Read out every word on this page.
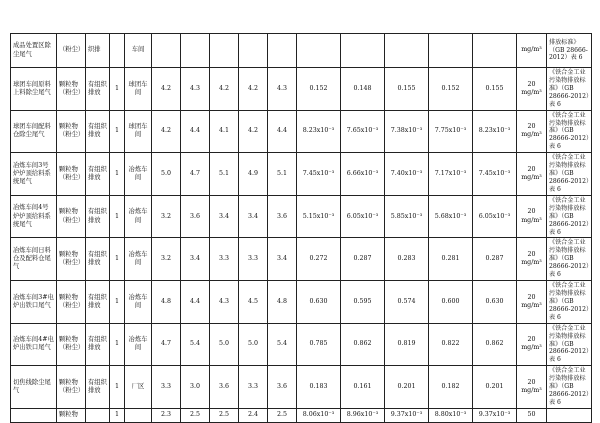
成品处置区除尘尾气	（粉尘）	织排		车间											mg/m³	排放标准》（GB 28666-2012）表 6
球团车间原料上料除尘尾气	颗粒物（粉尘）	有组织排放	1	球团车间	4.2	4.3	4.2	4.2	4.3	0.152	0.148	0.155	0.152	0.155	20 mg/m³	《铁合金工业污染物排放标准》（GB 28666-2012）表 6
球团车间配料仓除尘尾气	颗粒物（粉尘）	有组织排放	1	球团车间	4.2	4.4	4.1	4.2	4.4	8.23x10⁻³	7.65x10⁻³	7.38x10⁻³	7.75x10⁻³	8.23x10⁻³	20 mg/m³	《铁合金工业污染物排放标准》（GB 28666-2012）表 6
冶炼车间3号炉炉顶给料系统尾气	颗粒物（粉尘）	有组织排放	1	冶炼车间	5.0	4.7	5.1	4.9	5.1	7.45x10⁻³	6.66x10⁻³	7.40x10⁻³	7.17x10⁻³	7.45x10⁻³	20 mg/m³	《铁合金工业污染物排放标准》（GB 28666-2012）表 6
冶炼车间4号炉炉顶给料系统尾气	颗粒物（粉尘）	有组织排放	1	冶炼车间	3.2	3.6	3.4	3.4	3.6	5.15x10⁻³	6.05x10⁻³	5.85x10⁻³	5.68x10⁻³	6.05x10⁻³	20 mg/m³	《铁合金工业污染物排放标准》（GB 28666-2012）表 6
冶炼车间日料仓及配料仓尾气	颗粒物（粉尘）	有组织排放	1	冶炼车间	3.2	3.4	3.3	3.3	3.4	0.272	0.287	0.283	0.281	0.287	20 mg/m³	《铁合金工业污染物排放标准》（GB 28666-2012）表 6
冶炼车间3#电炉出铁口尾气	颗粒物（粉尘）	有组织排放	1	冶炼车间	4.8	4.4	4.3	4.5	4.8	0.630	0.595	0.574	0.600	0.630	20 mg/m³	《铁合金工业污染物排放标准》（GB 28666-2012）表 6
冶炼车间4#电炉出铁口尾气	颗粒物（粉尘）	有组织排放	1	冶炼车间	4.7	5.4	5.0	5.0	5.4	0.785	0.862	0.819	0.822	0.862	20 mg/m³	《铁合金工业污染物排放标准》（GB 28666-2012）表 6
切焦线除尘尾气	颗粒物（粉尘）	有组织排放	1	厂区	3.3	3.0	3.6	3.3	3.6	0.183	0.161	0.201	0.182	0.201	20 mg/m³	《铁合金工业污染物排放标准》（GB 28666-2012）表 6
	颗粒物		1		2.3	2.5	2.5	2.4	2.5	8.06x10⁻³	8.96x10⁻³	9.37x10⁻³	8.80x10⁻³	9.37x10⁻³	50	
